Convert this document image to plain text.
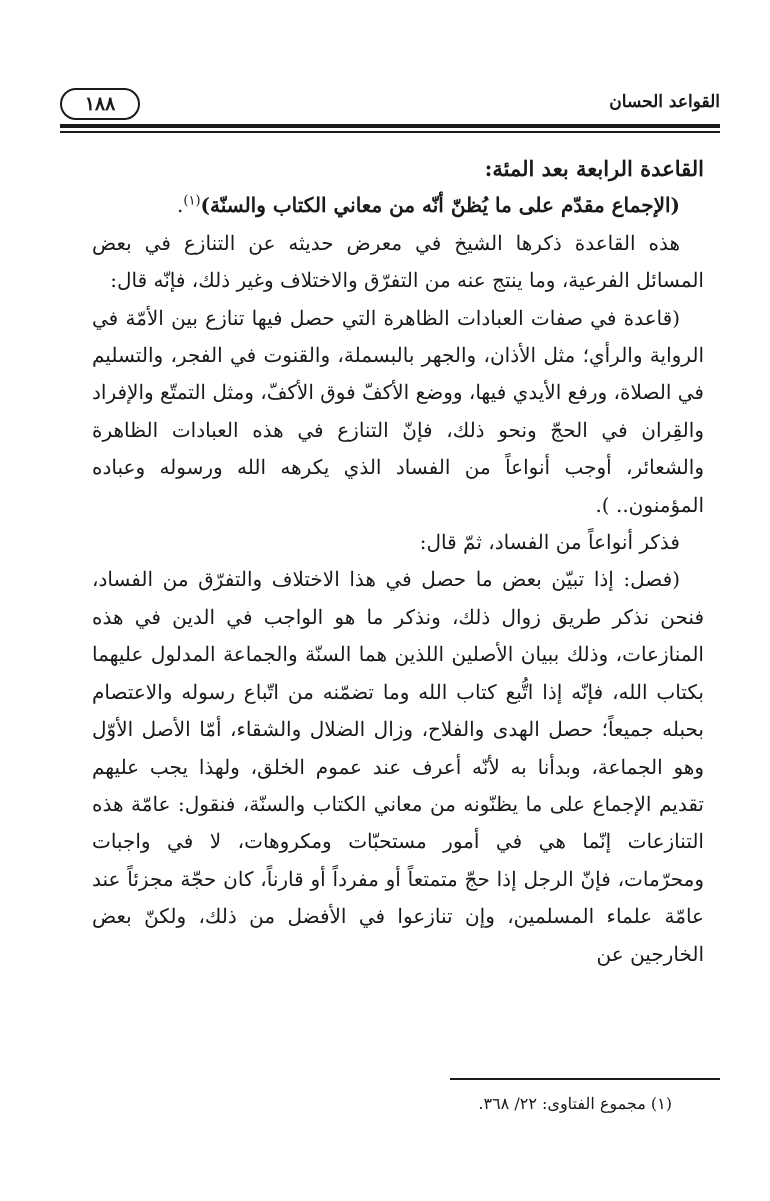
١٨٨	القواعد الحسان

القاعدة الرابعة بعد المئة:

(الإجماع مقدّم على ما يُظنّ أنّه من معاني الكتاب والسنّة)$^{(١)}$.

هذه القاعدة ذكرها الشيخ في معرض حديثه عن التنازع في بعض المسائل الفرعية، وما ينتج عنه من التفرّق والاختلاف وغير ذلك، فإنّه قال:

(قاعدة في صفات العبادات الظاهرة التي حصل فيها تنازع بين الأمّة في الرواية والرأي؛ مثل الأذان، والجهر بالبسملة، والقنوت في الفجر، والتسليم في الصلاة، ورفع الأيدي فيها، ووضع الأكفّ فوق الأكفّ، ومثل التمتّع والإفراد والقِران في الحجّ ونحو ذلك، فإنّ التنازع في هذه العبادات الظاهرة والشعائر، أوجب أنواعاً من الفساد الذي يكرهه الله ورسوله وعباده المؤمنون.. ).

فذكر أنواعاً من الفساد، ثمّ قال:

(فصل: إذا تبيّن بعض ما حصل في هذا الاختلاف والتفرّق من الفساد، فنحن نذكر طريق زوال ذلك، ونذكر ما هو الواجب في الدين في هذه المنازعات، وذلك ببيان الأصلين اللذين هما السنّة والجماعة المدلول عليهما بكتاب الله، فإنّه إذا اتُّبع كتاب الله وما تضمّنه من اتّباع رسوله والاعتصام بحبله جميعاً؛ حصل الهدى والفلاح، وزال الضلال والشقاء، أمّا الأصل الأوّل وهو الجماعة، وبدأنا به لأنّه أعرف عند عموم الخلق، ولهذا يجب عليهم تقديم الإجماع على ما يظنّونه من معاني الكتاب والسنّة، فنقول: عامّة هذه التنازعات إنّما هي في أمور مستحبّات ومكروهات، لا في واجبات ومحرّمات، فإنّ الرجل إذا حجّ متمتعاً أو مفرداً أو قارناً، كان حجّة مجزئاً عند عامّة علماء المسلمين، وإن تنازعوا في الأفضل من ذلك، ولكنّ بعض الخارجين عن

(١) مجموع الفتاوى: ٢٢/ ٣٦٨.
